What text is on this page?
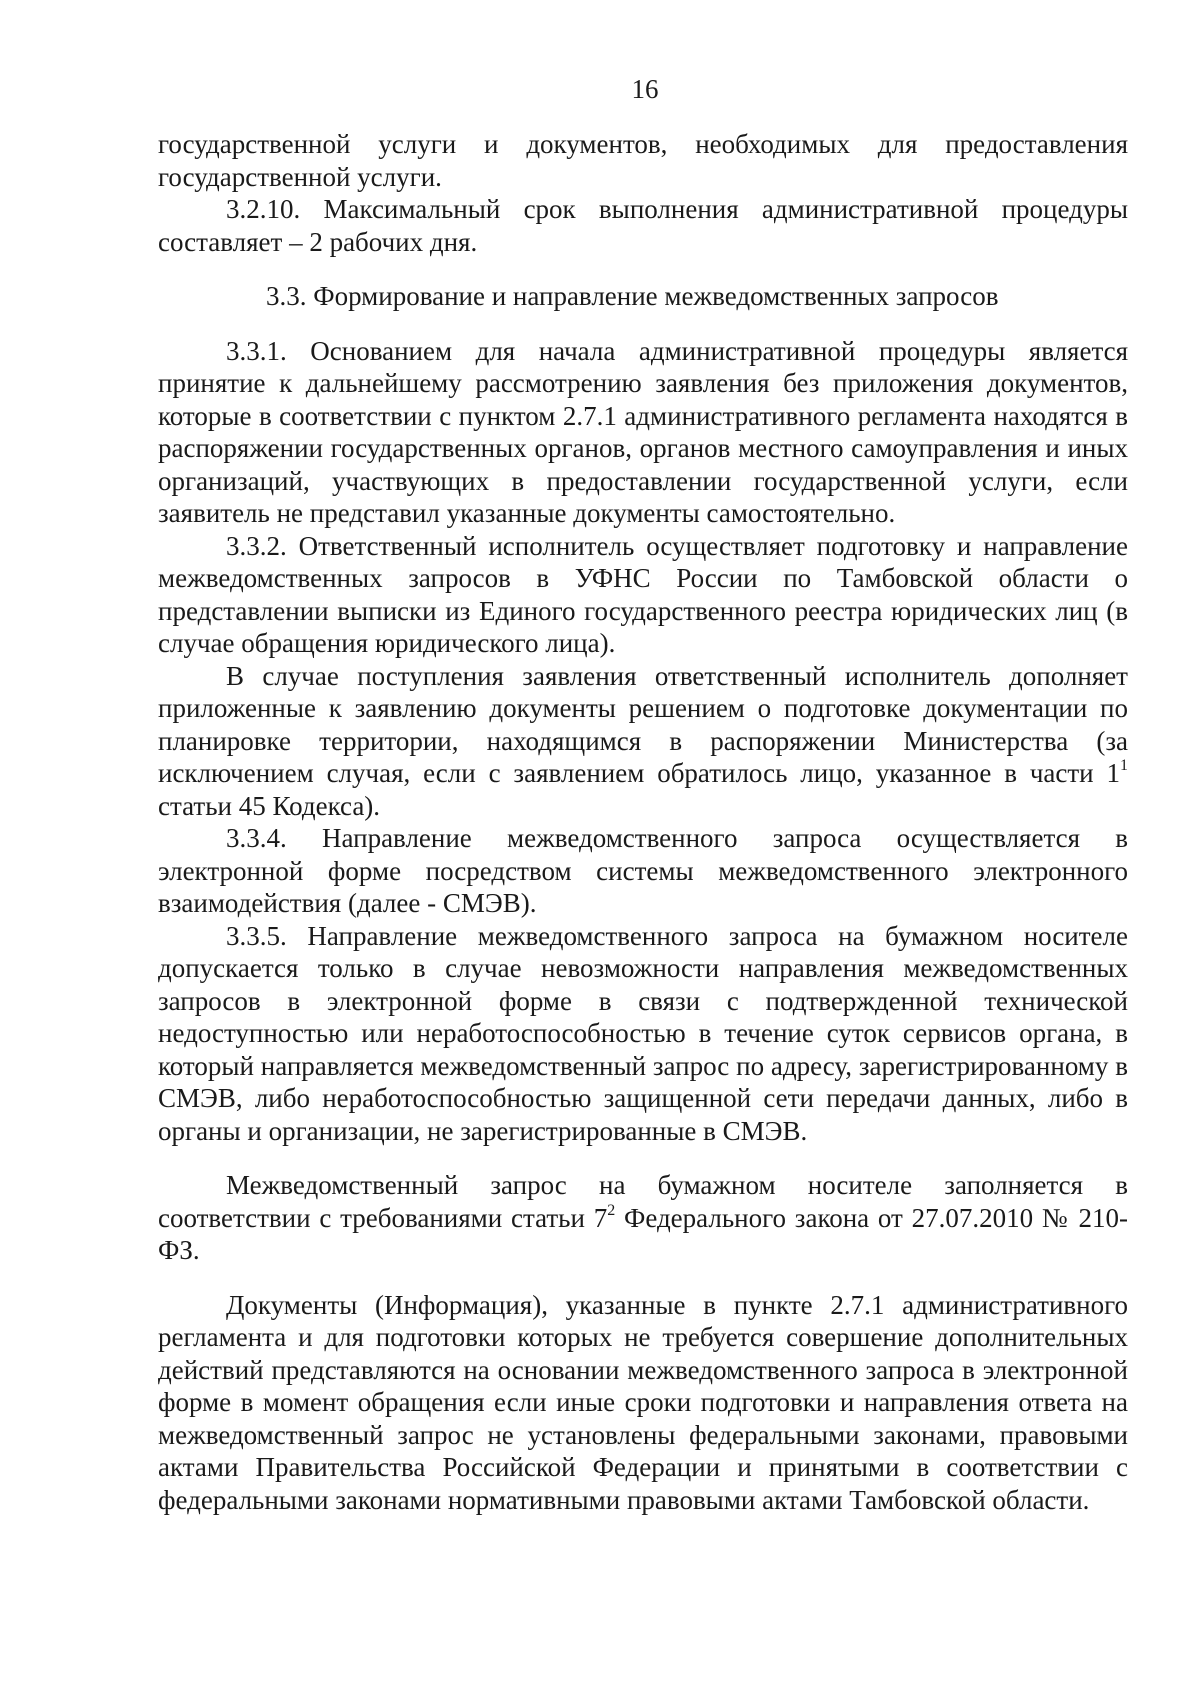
16

государственной услуги и документов, необходимых для предоставления государственной услуги.

3.2.10. Максимальный срок выполнения административной процедуры составляет – 2 рабочих дня.

3.3. Формирование и направление межведомственных запросов

3.3.1. Основанием для начала административной процедуры является принятие к дальнейшему рассмотрению заявления без приложения документов, которые в соответствии с пунктом 2.7.1 административного регламента находятся в распоряжении государственных органов, органов местного самоуправления и иных организаций, участвующих в предоставлении государственной услуги, если заявитель не представил указанные документы самостоятельно.

3.3.2. Ответственный исполнитель осуществляет подготовку и направление межведомственных запросов в УФНС России по Тамбовской области о представлении выписки из Единого государственного реестра юридических лиц (в случае обращения юридического лица).

В случае поступления заявления ответственный исполнитель дополняет приложенные к заявлению документы решением о подготовке документации по планировке территории, находящимся в распоряжении Министерства (за исключением случая, если с заявлением обратилось лицо, указанное в части $1^1$ статьи 45 Кодекса).

3.3.4. Направление межведомственного запроса осуществляется в электронной форме посредством системы межведомственного электронного взаимодействия (далее - СМЭВ).

3.3.5. Направление межведомственного запроса на бумажном носителе допускается только в случае невозможности направления межведомственных запросов в электронной форме в связи с подтвержденной технической недоступностью или неработоспособностью в течение суток сервисов органа, в который направляется межведомственный запрос по адресу, зарегистрированному в СМЭВ, либо неработоспособностью защищенной сети передачи данных, либо в органы и организации, не зарегистрированные в СМЭВ.

Межведомственный запрос на бумажном носителе заполняется в соответствии с требованиями статьи $7^2$ Федерального закона от 27.07.2010 № 210-ФЗ.

Документы (Информация), указанные в пункте 2.7.1 административного регламента и для подготовки которых не требуется совершение дополнительных действий представляются на основании межведомственного запроса в электронной форме в момент обращения если иные сроки подготовки и направления ответа на межведомственный запрос не установлены федеральными законами, правовыми актами Правительства Российской Федерации и принятыми в соответствии с федеральными законами нормативными правовыми актами Тамбовской области.
